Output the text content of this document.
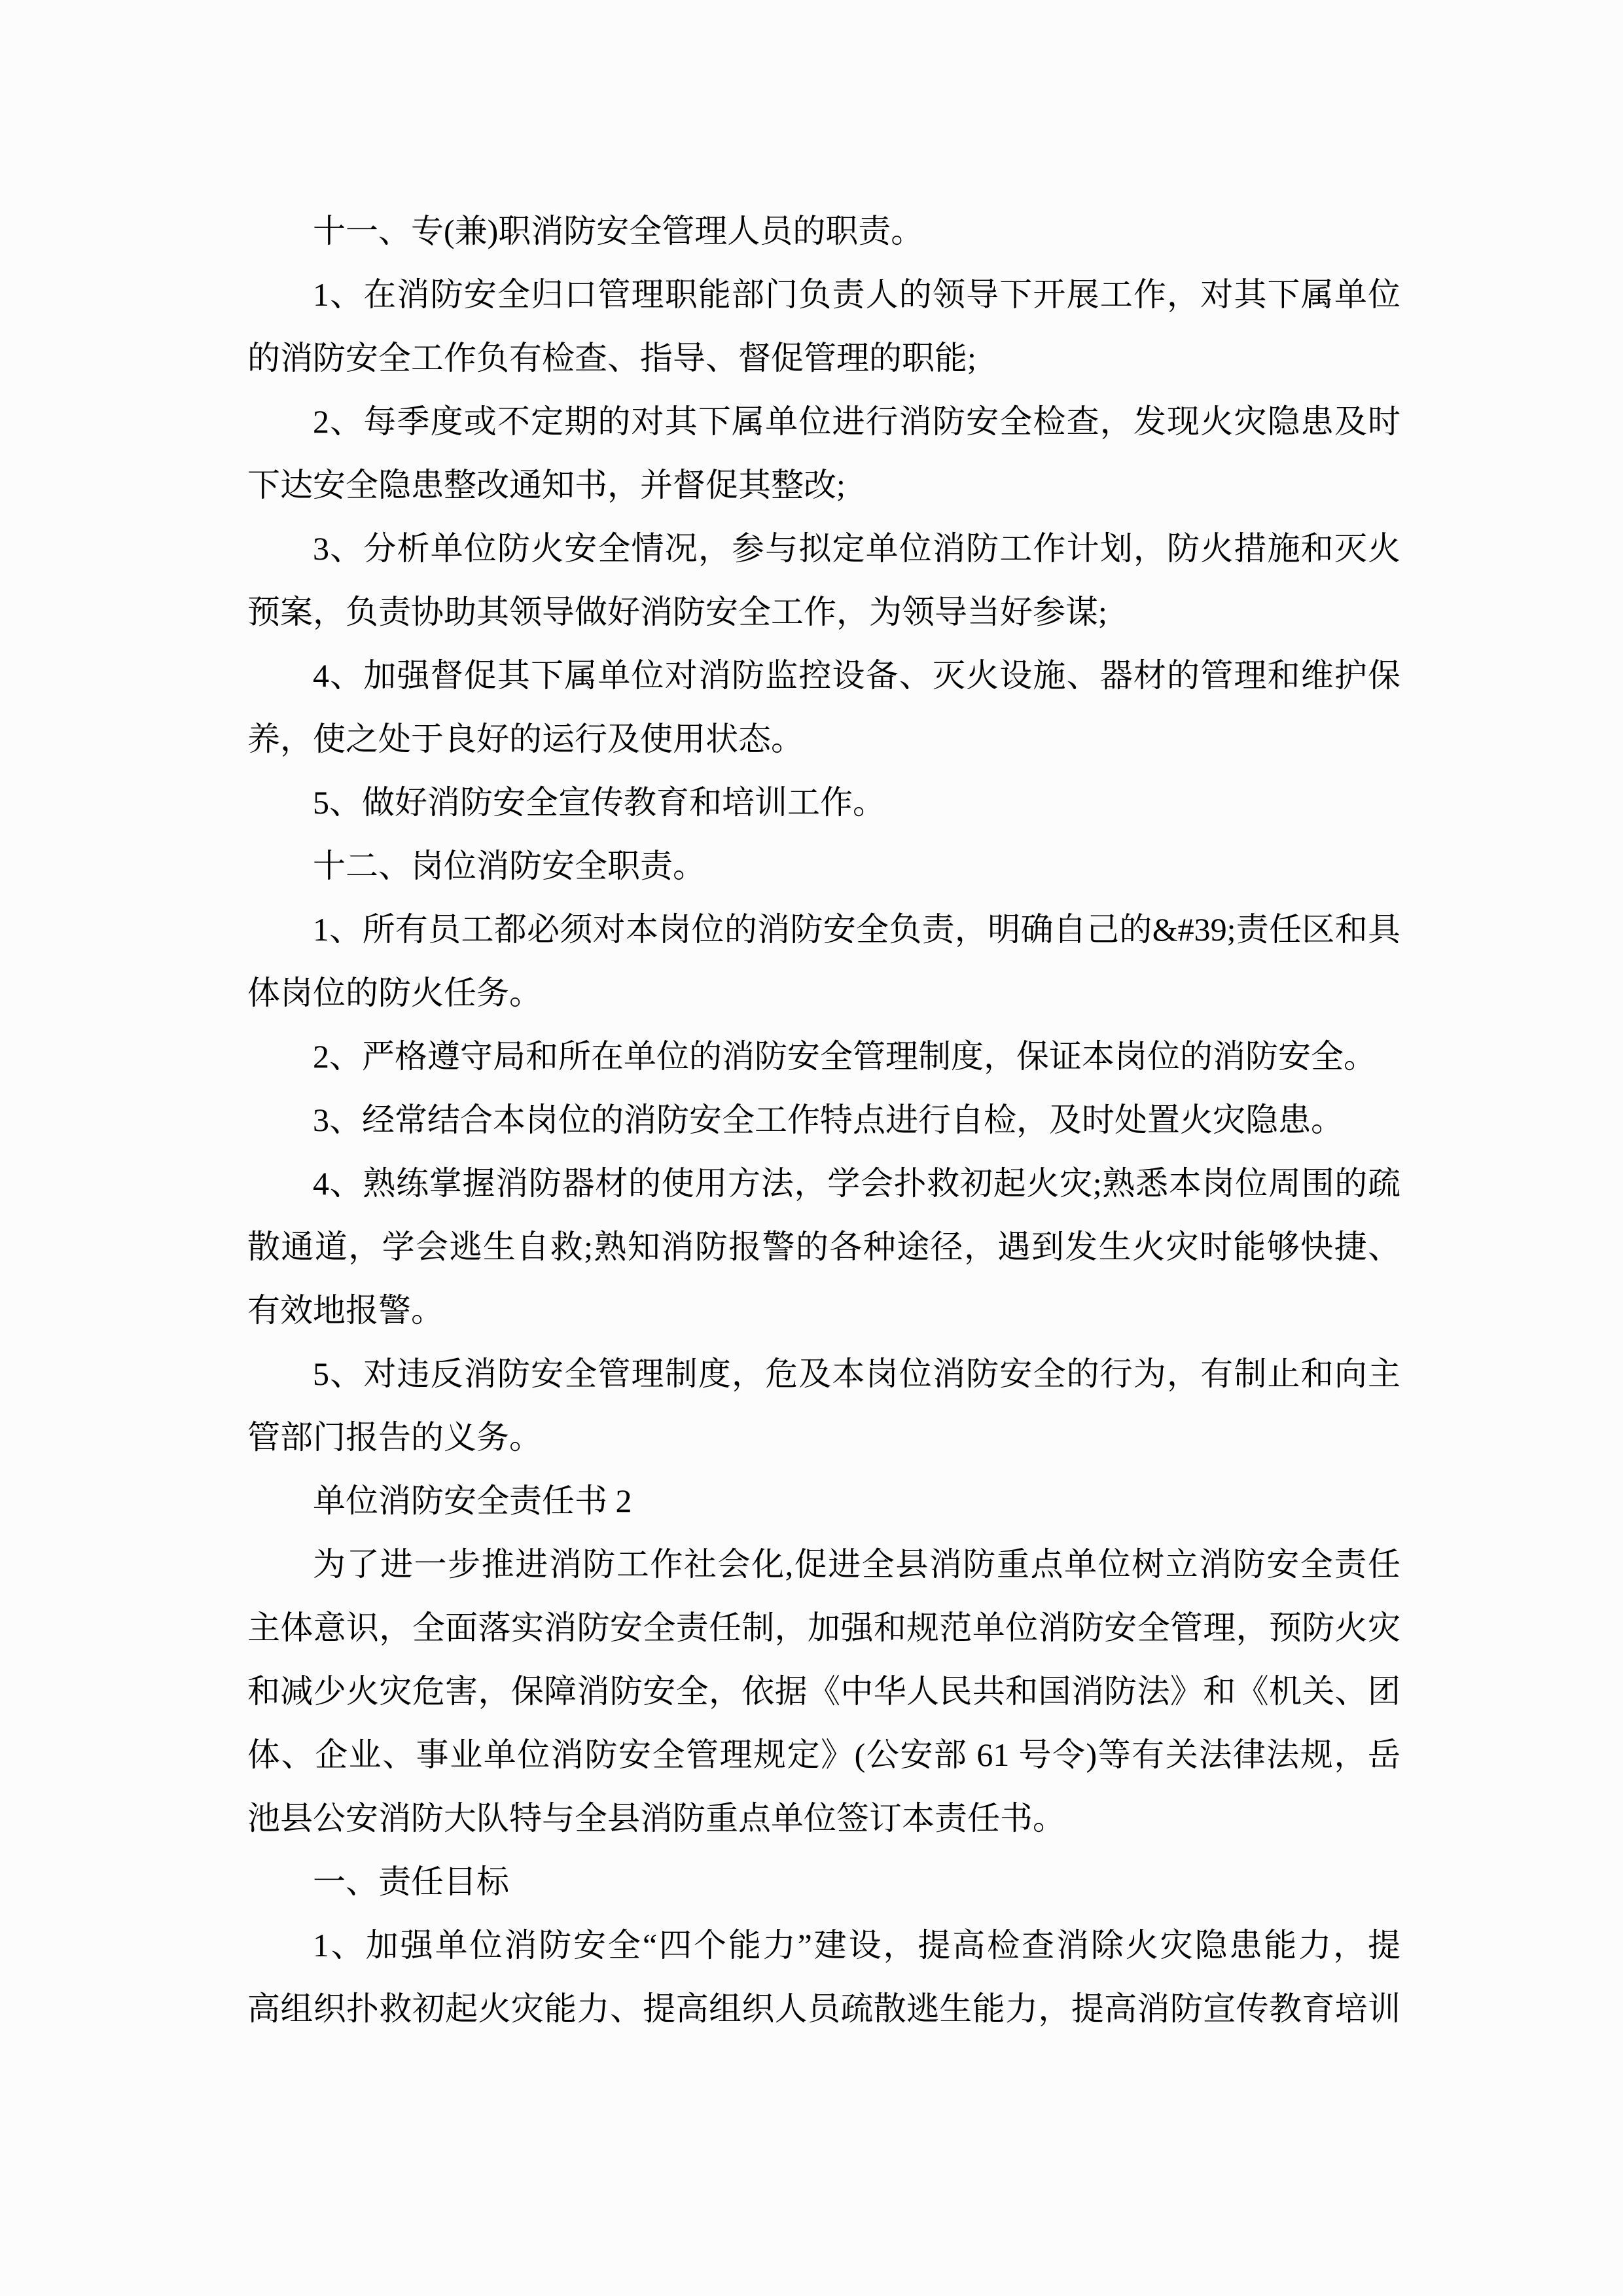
十一、专(兼)职消防安全管理人员的职责。
1、在消防安全归口管理职能部门负责人的领导下开展工作，对其下属单位
的消防安全工作负有检查、指导、督促管理的职能;
2、每季度或不定期的对其下属单位进行消防安全检查，发现火灾隐患及时
下达安全隐患整改通知书，并督促其整改;
3、分析单位防火安全情况，参与拟定单位消防工作计划，防火措施和灭火
预案，负责协助其领导做好消防安全工作，为领导当好参谋;
4、加强督促其下属单位对消防监控设备、灭火设施、器材的管理和维护保
养，使之处于良好的运行及使用状态。
5、做好消防安全宣传教育和培训工作。
十二、岗位消防安全职责。
1、所有员工都必须对本岗位的消防安全负责，明确自己的&#39;责任区和具
体岗位的防火任务。
2、严格遵守局和所在单位的消防安全管理制度，保证本岗位的消防安全。
3、经常结合本岗位的消防安全工作特点进行自检，及时处置火灾隐患。
4、熟练掌握消防器材的使用方法，学会扑救初起火灾;熟悉本岗位周围的疏
散通道，学会逃生自救;熟知消防报警的各种途径，遇到发生火灾时能够快捷、
有效地报警。
5、对违反消防安全管理制度，危及本岗位消防安全的行为，有制止和向主
管部门报告的义务。
单位消防安全责任书 2
为了进一步推进消防工作社会化,促进全县消防重点单位树立消防安全责任
主体意识，全面落实消防安全责任制，加强和规范单位消防安全管理，预防火灾
和减少火灾危害，保障消防安全，依据《中华人民共和国消防法》和《机关、团
体、企业、事业单位消防安全管理规定》(公安部 61 号令)等有关法律法规，岳
池县公安消防大队特与全县消防重点单位签订本责任书。
一、责任目标
1、加强单位消防安全“四个能力”建设，提高检查消除火灾隐患能力，提
高组织扑救初起火灾能力、提高组织人员疏散逃生能力，提高消防宣传教育培训
